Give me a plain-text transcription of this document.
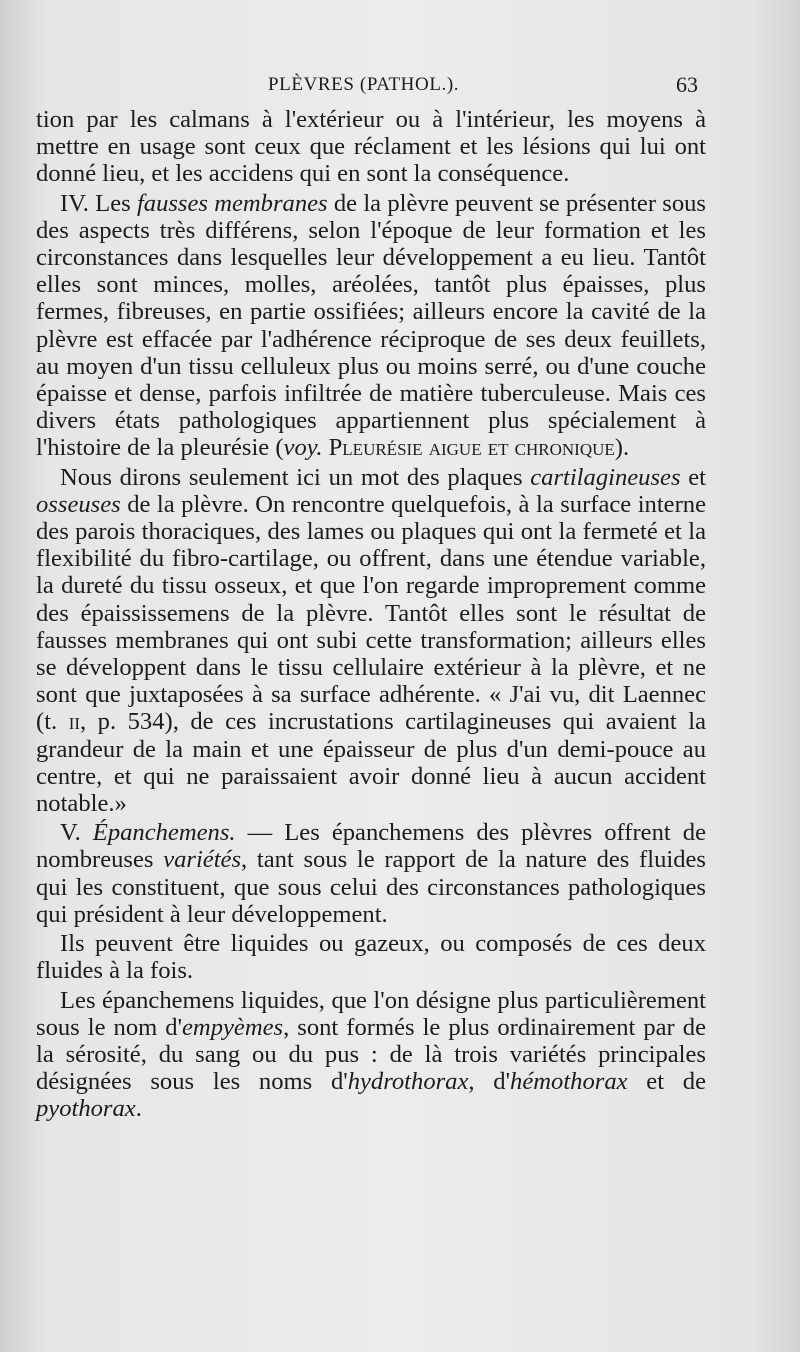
PLÈVRES (PATHOL.).	63

tion par les calmans à l'extérieur ou à l'intérieur, les moyens à mettre en usage sont ceux que réclament et les lésions qui lui ont donné lieu, et les accidens qui en sont la conséquence.

IV. Les fausses membranes de la plèvre peuvent se présenter sous des aspects très différens, selon l'époque de leur formation et les circonstances dans lesquelles leur développement a eu lieu. Tantôt elles sont minces, molles, aréolées, tantôt plus épaisses, plus fermes, fibreuses, en partie ossifiées; ailleurs encore la cavité de la plèvre est effacée par l'adhérence réciproque de ses deux feuillets, au moyen d'un tissu celluleux plus ou moins serré, ou d'une couche épaisse et dense, parfois infiltrée de matière tuberculeuse. Mais ces divers états pathologiques appartiennent plus spécialement à l'histoire de la pleurésie (voy. Pleurésie aigue et chronique).

Nous dirons seulement ici un mot des plaques cartilagineuses et osseuses de la plèvre. On rencontre quelquefois, à la surface interne des parois thoraciques, des lames ou plaques qui ont la fermeté et la flexibilité du fibro-cartilage, ou offrent, dans une étendue variable, la dureté du tissu osseux, et que l'on regarde improprement comme des épaississemens de la plèvre. Tantôt elles sont le résultat de fausses membranes qui ont subi cette transformation; ailleurs elles se développent dans le tissu cellulaire extérieur à la plèvre, et ne sont que juxtaposées à sa surface adhérente. « J'ai vu, dit Laennec (t. ii, p. 534), de ces incrustations cartilagineuses qui avaient la grandeur de la main et une épaisseur de plus d'un demi-pouce au centre, et qui ne paraissaient avoir donné lieu à aucun accident notable.»

V. Épanchemens. — Les épanchemens des plèvres offrent de nombreuses variétés, tant sous le rapport de la nature des fluides qui les constituent, que sous celui des circonstances pathologiques qui président à leur développement.

Ils peuvent être liquides ou gazeux, ou composés de ces deux fluides à la fois.

Les épanchemens liquides, que l'on désigne plus particulièrement sous le nom d'empyèmes, sont formés le plus ordinairement par de la sérosité, du sang ou du pus : de là trois variétés principales désignées sous les noms d'hydrothorax, d'hémothorax et de pyothorax.
